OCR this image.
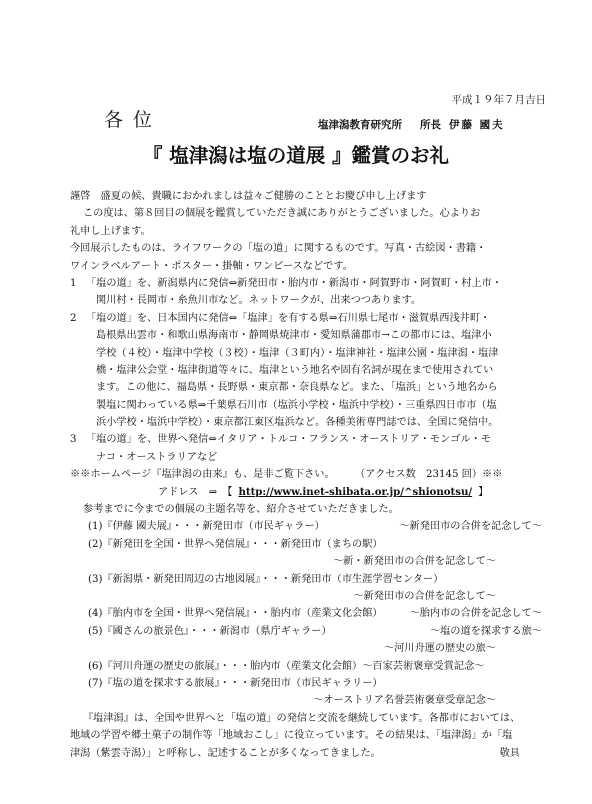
平成１９年７月吉日
各位	塩津潟教育研究所 所長 伊藤 國夫
『 塩津潟は塩の道展 』鑑賞のお礼
謹啓　盛夏の候、貴職におかれましは益々ご健勝のこととお慶び申し上げます
この度は、第８回目の個展を鑑賞していただき誠にありがとうございました。心よりお
礼申し上げます。
今回展示したものは、ライフワークの「塩の道」に関するものです。写真・古絵図・書籍・
ワインラベルアート・ポスター・掛軸・ワンピースなどです。
1 「塩の道」を、新潟県内に発信⇔新発田市・胎内市・新潟市・阿賀野市・阿賀町・村上市・
関川村・長岡市・糸魚川市など。ネットワークが、出来つつあります。
2 「塩の道」を、日本国内に発信⇔「塩津」を有する県⇒石川県七尾市・滋賀県西浅井町・
島根県出雲市・和歌山県海南市・静岡県焼津市・愛知県蒲郡市→この都市には、塩津小
学校（４校）・塩津中学校（３校）・塩津（３町内）・塩津神社・塩津公園・塩津潟・塩津
橋・塩津公会堂・塩津街道等々に、塩津という地名や固有名詞が現在まで使用されてい
ます。この他に、福島県・長野県・東京都・奈良県など。また、「塩浜」という地名から
製塩に関わっている県⇒千葉県石川市（塩浜小学校・塩浜中学校）・三重県四日市市（塩
浜小学校・塩浜中学校）・東京都江東区塩浜など。各種美術専門誌では、全国に発信中。
3 「塩の道」を、世界へ発信⇔イタリア・トルコ・フランス・オーストリア・モンゴル・モ
ナコ・オーストラリアなど
※※ホームページ『塩津潟の由来』も、是非ご覧下さい。　　　（アクセス数　23145 回）※※
アドレス　⇒　【 http://www.inet-shibata.or.jp/^shionotsu/ 】
参考までに今までの個展の主題名等を、紹介させていただきました。
(1)『伊藤 國夫展』・・・新発田市（市民ギャラー）	～新発田市の合併を記念して～
(2)『新発田を全国・世界へ発信展』・・・新発田市（まちの駅）
～新・新発田市の合併を記念して～
(3)『新潟県・新発田周辺の古地図展』・・・新発田市（市生涯学習センター）
～新発田市の合併を記念して～
(4)『胎内市を全国・世界へ発信展』・・胎内市（産業文化会館）	～胎内市の合併を記念して～
(5)『國さんの旅景色』・・・新潟市（県庁ギャラー）	～塩の道を探求する旅～
～河川舟運の歴史の旅～
(6)『河川舟運の歴史の旅展』・・・胎内市（産業文化会館）～百家芸術褒章受賞記念～
(7)『塩の道を探求する旅展』・・・新発田市（市民ギャラリー）
～オーストリア名誉芸術褒章受章記念～
『塩津潟』は、全国や世界へと「塩の道」の発信と交流を継続しています。各都市においては、
地域の学習や郷土菓子の制作等「地域おこし」に役立っています。その結果は、「塩津潟」か「塩
津潟（紫雲寺潟）」と呼称し、記述することが多くなってきました。	敬具
